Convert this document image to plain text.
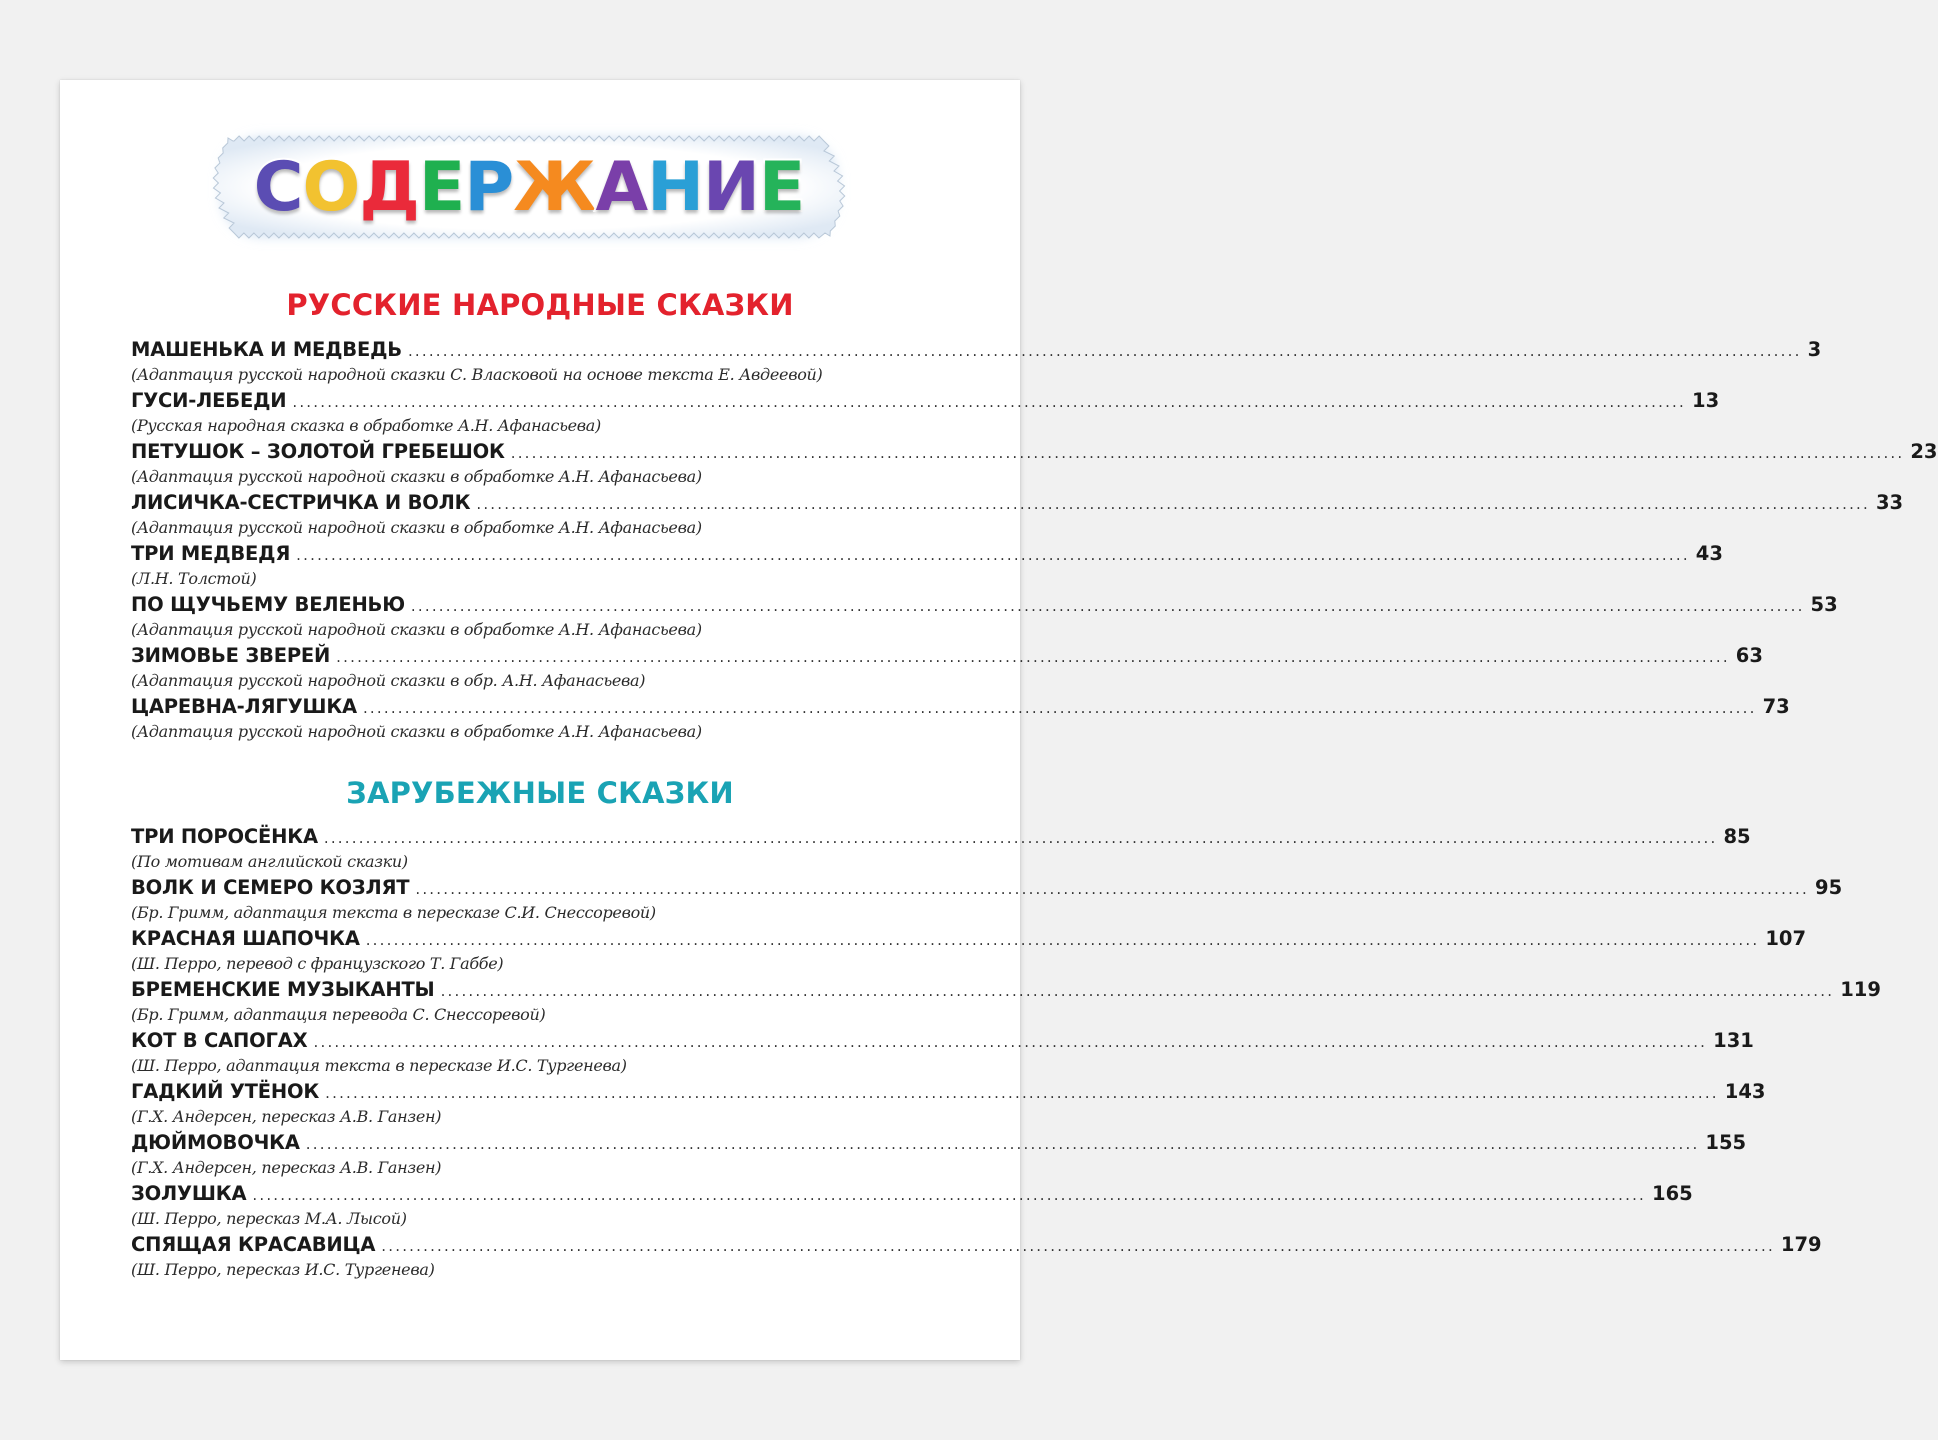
С О Д Е Р Ж А Н И Е
РУССКИЕ НАРОДНЫЕ СКАЗКИ
МАШЕНЬКА И МЕДВЕДЬ ........................................................................................................................................................................................................ 3
(Адаптация русской народной сказки С. Власковой на основе текста Е. Авдеевой)
ГУСИ-ЛЕБЕДИ ........................................................................................................................................................................................................ 13
(Русская народная сказка в обработке А.Н. Афанасьева)
ПЕТУШОК – ЗОЛОТОЙ ГРЕБЕШОК ........................................................................................................................................................................................................ 23
(Адаптация русской народной сказки в обработке А.Н. Афанасьева)
ЛИСИЧКА-СЕСТРИЧКА И ВОЛК ........................................................................................................................................................................................................ 33
(Адаптация русской народной сказки в обработке А.Н. Афанасьева)
ТРИ МЕДВЕДЯ ........................................................................................................................................................................................................ 43
(Л.Н. Толстой)
ПО ЩУЧЬЕМУ ВЕЛЕНЬЮ ........................................................................................................................................................................................................ 53
(Адаптация русской народной сказки в обработке А.Н. Афанасьева)
ЗИМОВЬЕ ЗВЕРЕЙ ........................................................................................................................................................................................................ 63
(Адаптация русской народной сказки в обр. А.Н. Афанасьева)
ЦАРЕВНА-ЛЯГУШКА ........................................................................................................................................................................................................ 73
(Адаптация русской народной сказки в обработке А.Н. Афанасьева)
ЗАРУБЕЖНЫЕ СКАЗКИ
ТРИ ПОРОСЁНКА ........................................................................................................................................................................................................ 85
(По мотивам английской сказки)
ВОЛК И СЕМЕРО КОЗЛЯТ ........................................................................................................................................................................................................ 95
(Бр. Гримм, адаптация текста в пересказе С.И. Снессоревой)
КРАСНАЯ ШАПОЧКА ........................................................................................................................................................................................................ 107
(Ш. Перро, перевод с французского Т. Габбе)
БРЕМЕНСКИЕ МУЗЫКАНТЫ ........................................................................................................................................................................................................ 119
(Бр. Гримм, адаптация перевода С. Снессоревой)
КОТ В САПОГАХ ........................................................................................................................................................................................................ 131
(Ш. Перро, адаптация текста в пересказе И.С. Тургенева)
ГАДКИЙ УТЁНОК ........................................................................................................................................................................................................ 143
(Г.Х. Андерсен, пересказ А.В. Ганзен)
ДЮЙМОВОЧКА ........................................................................................................................................................................................................ 155
(Г.Х. Андерсен, пересказ А.В. Ганзен)
ЗОЛУШКА ........................................................................................................................................................................................................ 165
(Ш. Перро, пересказ М.А. Лысой)
СПЯЩАЯ КРАСАВИЦА ........................................................................................................................................................................................................ 179
(Ш. Перро, пересказ И.С. Тургенева)
